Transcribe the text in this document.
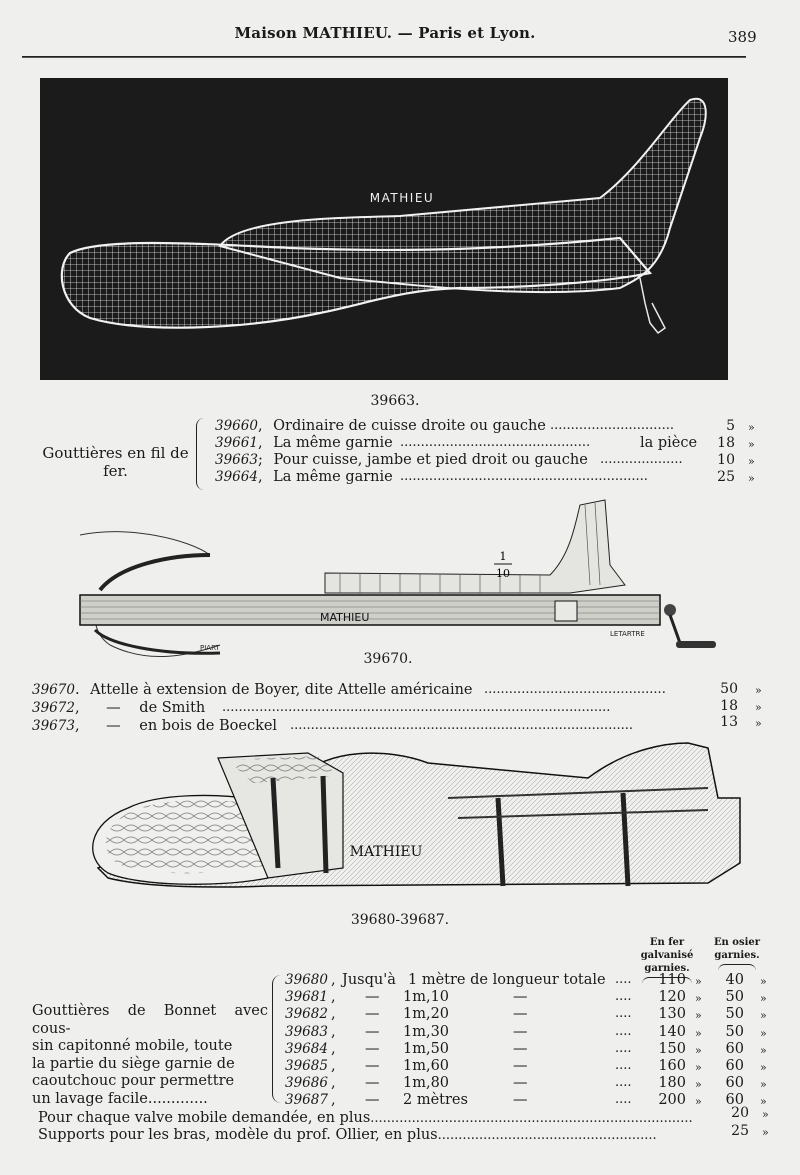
Maison MATHIEU. — Paris et Lyon.	389
MATHIEU
39663.
Gouttières en fil de fer.
39660, Ordinaire de cuisse droite ou gauche ..............................	5 »
39661, La même garnie ..............................................	la pièce	18 »
39663; Pour cuisse, jambe et pied droit ou gauche ....................	10 »
39664, La même garnie ............................................................	25 »
MATHIEU
PIART
LETARTRE
1
10
39670.
39670. Attelle à extension de Boyer, dite Attelle américaine ............................................	50 »
39672, — de Smith	..............................................................................................	18 »
39673, — en bois de Boeckel ...................................................................................	13 »
MATHIEU
39680-39687.
En fer galvanisé
garnies.
En osier
garnies.
Gouttières de Bonnet avec cous-
sin capitonné mobile, toute
la partie du siège garnie de
caoutchouc pour permettre
un lavage facile.............
39680 , Jusqu'à 1 mètre de longueur totale .... 110 » 40 »
39681 , — 1m,10	—	.... 120 » 50 »
39682 , — 1m,20	—	.... 130 » 50 »
39683 , — 1m,30	—	.... 140 » 50 »
39684 , — 1m,50	—	.... 150 » 60 »
39685 , — 1m,60	—	.... 160 » 60 »
39686 , — 1m,80	—	.... 180 » 60 »
39687 , — 2 mètres	—	.... 200 » 60 »
Pour chaque valve mobile demandée, en plus..............................................................................	20 »
Supports pour les bras, modèle du prof. Ollier, en plus.....................................................	25 »
